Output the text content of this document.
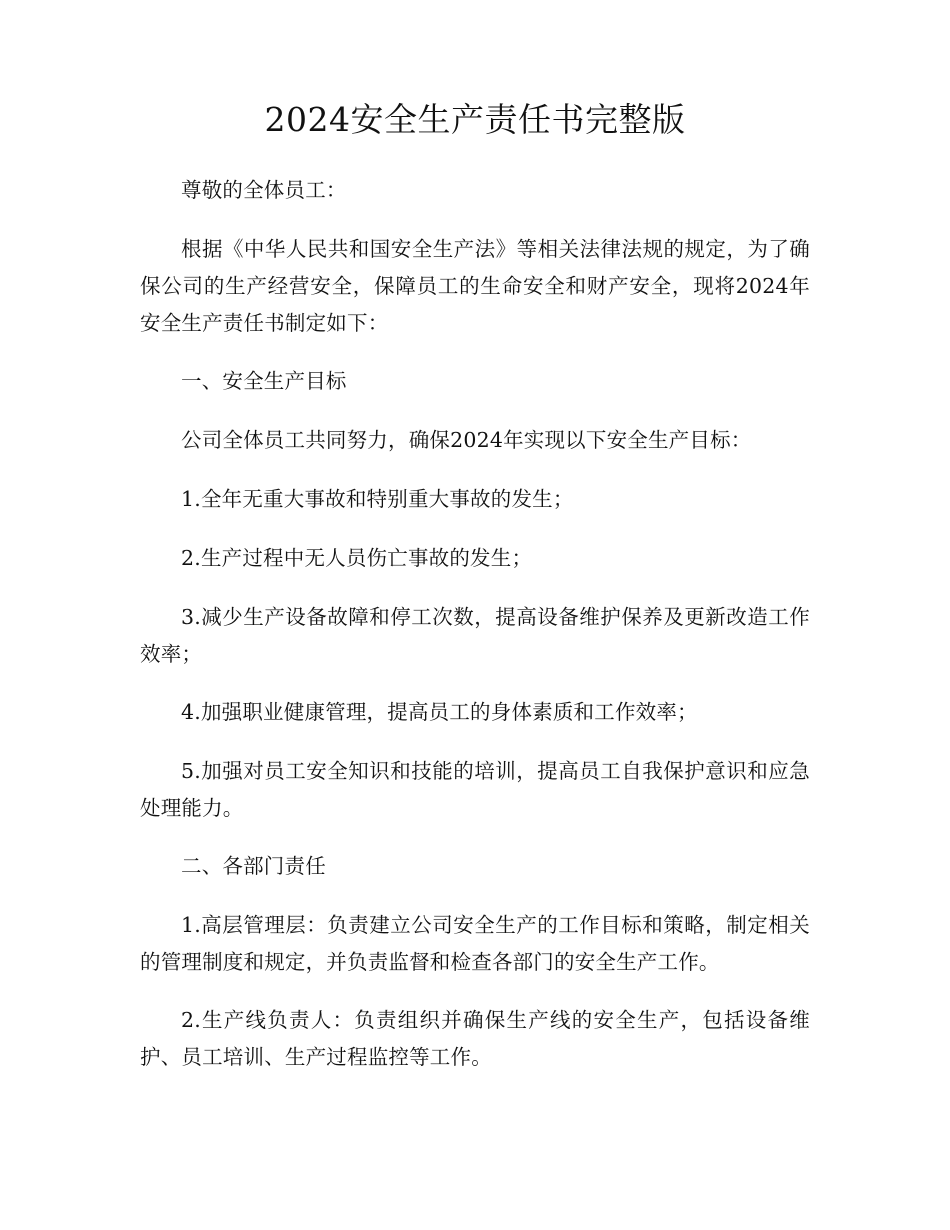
2024安全生产责任书完整版

尊敬的全体员工：

根据《中华人民共和国安全生产法》等相关法律法规的规定，为了确保公司的生产经营安全，保障员工的生命安全和财产安全，现将2024年安全生产责任书制定如下：

一、安全生产目标

公司全体员工共同努力，确保2024年实现以下安全生产目标：

1.全年无重大事故和特别重大事故的发生；

2.生产过程中无人员伤亡事故的发生；

3.减少生产设备故障和停工次数，提高设备维护保养及更新改造工作效率；

4.加强职业健康管理，提高员工的身体素质和工作效率；

5.加强对员工安全知识和技能的培训，提高员工自我保护意识和应急处理能力。

二、各部门责任

1.高层管理层：负责建立公司安全生产的工作目标和策略，制定相关的管理制度和规定，并负责监督和检查各部门的安全生产工作。

2.生产线负责人：负责组织并确保生产线的安全生产，包括设备维护、员工培训、生产过程监控等工作。
